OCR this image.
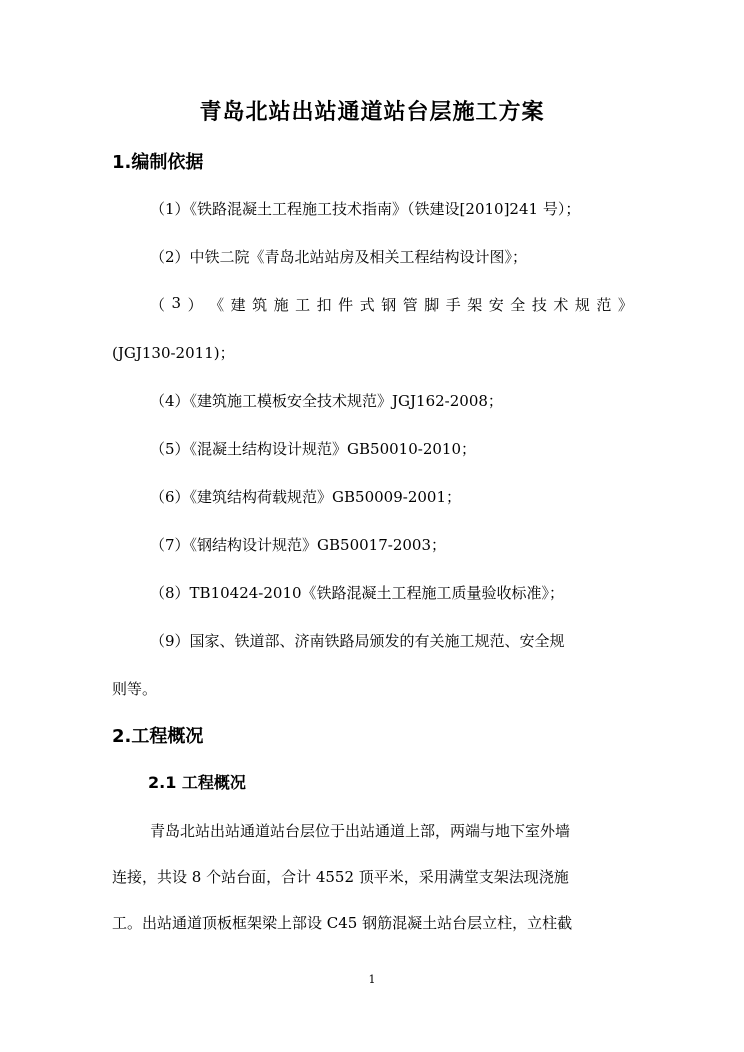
青岛北站出站通道站台层施工方案
1.编制依据
（1）《铁路混凝土工程施工技术指南》（铁建设[2010]241 号）；
（2）中铁二院《青岛北站站房及相关工程结构设计图》；
（ 3 ） 《 建 筑 施 工 扣 件 式 钢 管 脚 手 架 安 全 技 术 规 范 》
(JGJ130-2011)；
（4）《建筑施工模板安全技术规范》JGJ162-2008；
（5）《混凝土结构设计规范》GB50010-2010；
（6）《建筑结构荷载规范》GB50009-2001；
（7）《钢结构设计规范》GB50017-2003；
（8）TB10424-2010《铁路混凝土工程施工质量验收标准》；
（9）国家、铁道部、济南铁路局颁发的有关施工规范、安全规
则等。
2.工程概况
2.1 工程概况
青岛北站出站通道站台层位于出站通道上部，两端与地下室外墙
连接，共设 8 个站台面，合计 4552 顶平米，采用满堂支架法现浇施
工。出站通道顶板框架梁上部设 C45 钢筋混凝土站台层立柱，立柱截
1
